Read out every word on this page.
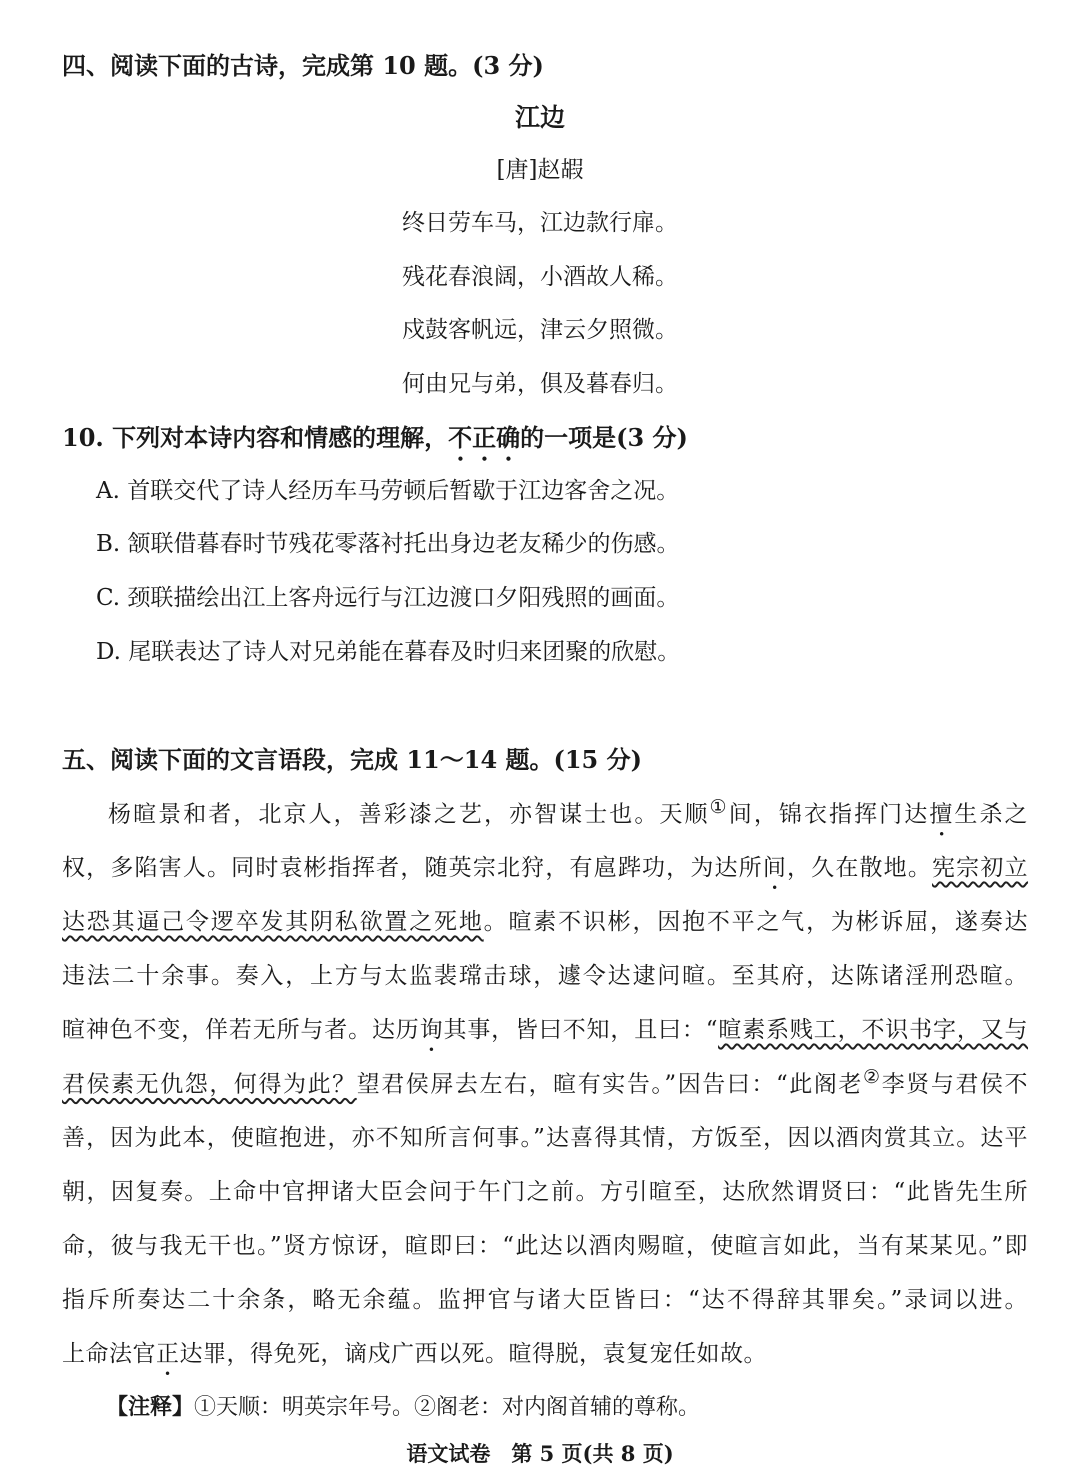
四、阅读下面的古诗，完成第 10 题。(3 分)
江边
[唐]赵嘏
终日劳车马，江边款行扉。
残花春浪阔，小酒故人稀。
戍鼓客帆远，津云夕照微。
何由兄与弟，俱及暮春归。
10. 下列对本诗内容和情感的理解，不正确的一项是(3 分)
A. 首联交代了诗人经历车马劳顿后暂歇于江边客舍之况。
B. 颔联借暮春时节残花零落衬托出身边老友稀少的伤感。
C. 颈联描绘出江上客舟远行与江边渡口夕阳残照的画面。
D. 尾联表达了诗人对兄弟能在暮春及时归来团聚的欣慰。
五、阅读下面的文言语段，完成 11～14 题。(15 分)
杨暄景和者，北京人，善彩漆之艺，亦智谋士也。天顺①间，锦衣指挥门达擅生杀之
权，多陷害人。同时袁彬指挥者，随英宗北狩，有扈跸功，为达所间，久在散地。宪宗初立
达恐其逼己令逻卒发其阴私欲置之死地。暄素不识彬，因抱不平之气，为彬诉屈，遂奏达
违法二十余事。奏入，上方与太监裴瑺击球，遽令达逮问暄。至其府，达陈诸淫刑恐暄。
暄神色不变，佯若无所与者。达历询其事，皆曰不知，且曰：“暄素系贱工，不识书字，又与
君侯素无仇怨，何得为此？望君侯屏去左右，暄有实告。”因告曰：“此阁老②李贤与君侯不
善，因为此本，使暄抱进，亦不知所言何事。”达喜得其情，方饭至，因以酒肉赏其立。达平
朝，因复奏。上命中官押诸大臣会问于午门之前。方引暄至，达欣然谓贤曰：“此皆先生所
命，彼与我无干也。”贤方惊讶，暄即曰：“此达以酒肉赐暄，使暄言如此，当有某某见。”即
指斥所奏达二十余条，略无余蕴。监押官与诸大臣皆曰：“达不得辞其罪矣。”录词以进。
上命法官正达罪，得免死，谪戍广西以死。暄得脱，袁复宠任如故。
【注释】①天顺：明英宗年号。②阁老：对内阁首辅的尊称。
语文试卷　第 5 页(共 8 页)
